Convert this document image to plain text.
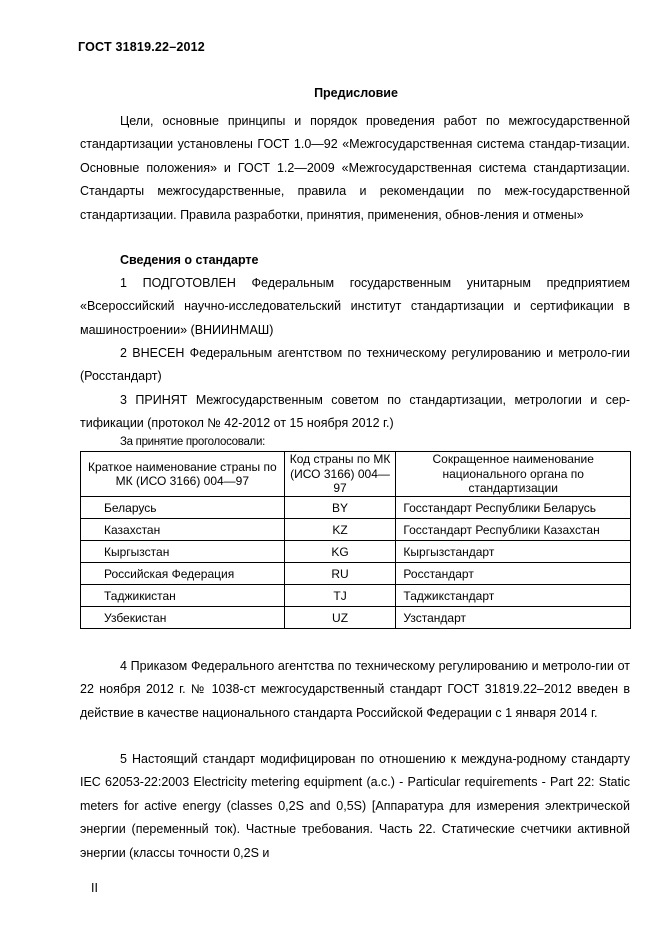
ГОСТ 31819.22–2012
Предисловие
Цели, основные принципы и порядок проведения работ по межгосударственной стандартизации установлены ГОСТ 1.0—92 «Межгосударственная система стандар-тизации. Основные положения» и ГОСТ 1.2—2009 «Межгосударственная система стандартизации. Стандарты межгосударственные, правила и рекомендации по меж-государственной стандартизации. Правила разработки, принятия, применения, обнов-ления и отмены»
Сведения о стандарте
1 ПОДГОТОВЛЕН Федеральным государственным унитарным предприятием «Всероссийский научно-исследовательский институт стандартизации и сертификации в машиностроении» (ВНИИНМАШ)
2 ВНЕСЕН Федеральным агентством по техническому регулированию и метроло-гии (Росстандарт)
3 ПРИНЯТ Межгосударственным советом по стандартизации, метрологии и сер-тификации (протокол № 42-2012 от 15 ноября 2012 г.)
За принятие проголосовали:
Краткое наименование страны по МК (ИСО 3166) 004—97	Код страны по МК (ИСО 3166) 004—97	Сокращенное наименование национального органа по стандартизации
Беларусь	BY	Госстандарт Республики Беларусь
Казахстан	KZ	Госстандарт Республики Казахстан
Кыргызстан	KG	Кыргызстандарт
Российская Федерация	RU	Росстандарт
Таджикистан	TJ	Таджикстандарт
Узбекистан	UZ	Узстандарт
4 Приказом Федерального агентства по техническому регулированию и метроло-гии от 22 ноября 2012 г. № 1038-ст межгосударственный стандарт ГОСТ 31819.22–2012 введен в действие в качестве национального стандарта Российской Федерации с 1 января 2014 г.
5 Настоящий стандарт модифицирован по отношению к междуна-родному стандарту IEC 62053-22:2003 Electricity metering equipment (a.c.) - Particular requirements - Part 22: Static meters for active energy (classes 0,2S and 0,5S) [Аппаратура для измерения электрической энергии (переменный ток). Частные требования. Часть 22. Статические счетчики активной энергии (классы точности 0,2S и
II
